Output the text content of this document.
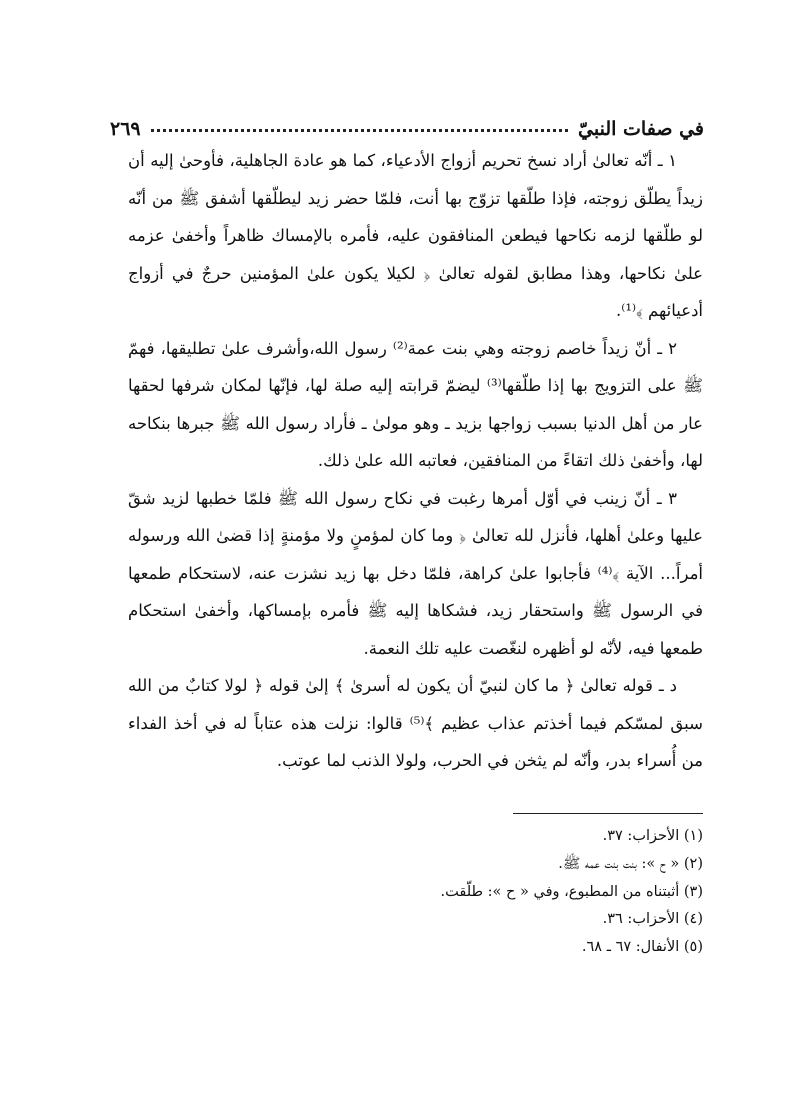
في صفات النبيّ
٢٦٩

١ ـ أنّه تعالىٰ أراد نسخ تحريم أزواج الأدعياء، كما هو عادة الجاهلية، فأوحىٰ إليه أن زيداً يطلّق زوجته، فإذا طلّقها تزوّج بها أنت، فلمّا حضر زيد ليطلّقها أشفق ﷺ من أنّه لو طلّقها لزمه نكاحها فيطعن المنافقون عليه، فأمره بالإمساك ظاهراً وأخفىٰ عزمه علىٰ نكاحها، وهذا مطابق لقوله تعالىٰ ﴿ لكيلا يكون علىٰ المؤمنين حرجٌ في أزواج أدعيائهم ﴾⁽¹⁾.

٢ ـ أنّ زيداً خاصم زوجته وهي بنت عمة⁽²⁾ رسول الله،وأشرف علىٰ تطليقها، فهمّ ﷺ على التزويج بها إذا طلّقها⁽³⁾ ليضمّ قرابته إليه صلة لها، فإنّها لمكان شرفها لحقها عار من أهل الدنيا بسبب زواجها بزيد ـ وهو مولىٰ ـ فأراد رسول الله ﷺ جبرها بنكاحه لها، وأخفىٰ ذلك اتقاءً من المنافقين، فعاتبه الله علىٰ ذلك.

٣ ـ أنّ زينب في أوّل أمرها رغبت في نكاح رسول الله ﷺ فلمّا خطبها لزيد شقّ عليها وعلىٰ أهلها، فأنزل لله تعالىٰ ﴿ وما كان لمؤمنٍ ولا مؤمنةٍ إذا قضىٰ الله ورسوله أمراً... الآية ﴾⁽⁴⁾ فأجابوا علىٰ كراهة، فلمّا دخل بها زيد نشزت عنه، لاستحكام طمعها في الرسول ﷺ واستحقار زيد، فشكاها إليه ﷺ فأمره بإمساكها، وأخفىٰ استحكام طمعها فيه، لأنّه لو أظهره لنغّصت عليه تلك النعمة.

د ـ قوله تعالىٰ ﴿ ما كان لنبيّ أن يكون له أسرىٰ ﴾ إلىٰ قوله ﴿ لولا كتابٌ من الله سبق لمسّكم فيما أخذتم عذاب عظيم ﴾⁽⁵⁾ قالوا: نزلت هذه عتاباً له في أخذ الفداء من أُسراء بدر، وأنّه لم يثخن في الحرب، ولولا الذنب لما عوتب.

(١) الأحزاب: ٣٧.
(٢) « ح »: بنت بنت عمه ﷺ.
(٣) أثبتناه من المطبوع، وفي « ح »: طلّقت.
(٤) الأحزاب: ٣٦.
(٥) الأنفال: ٦٧ ـ ٦٨.
